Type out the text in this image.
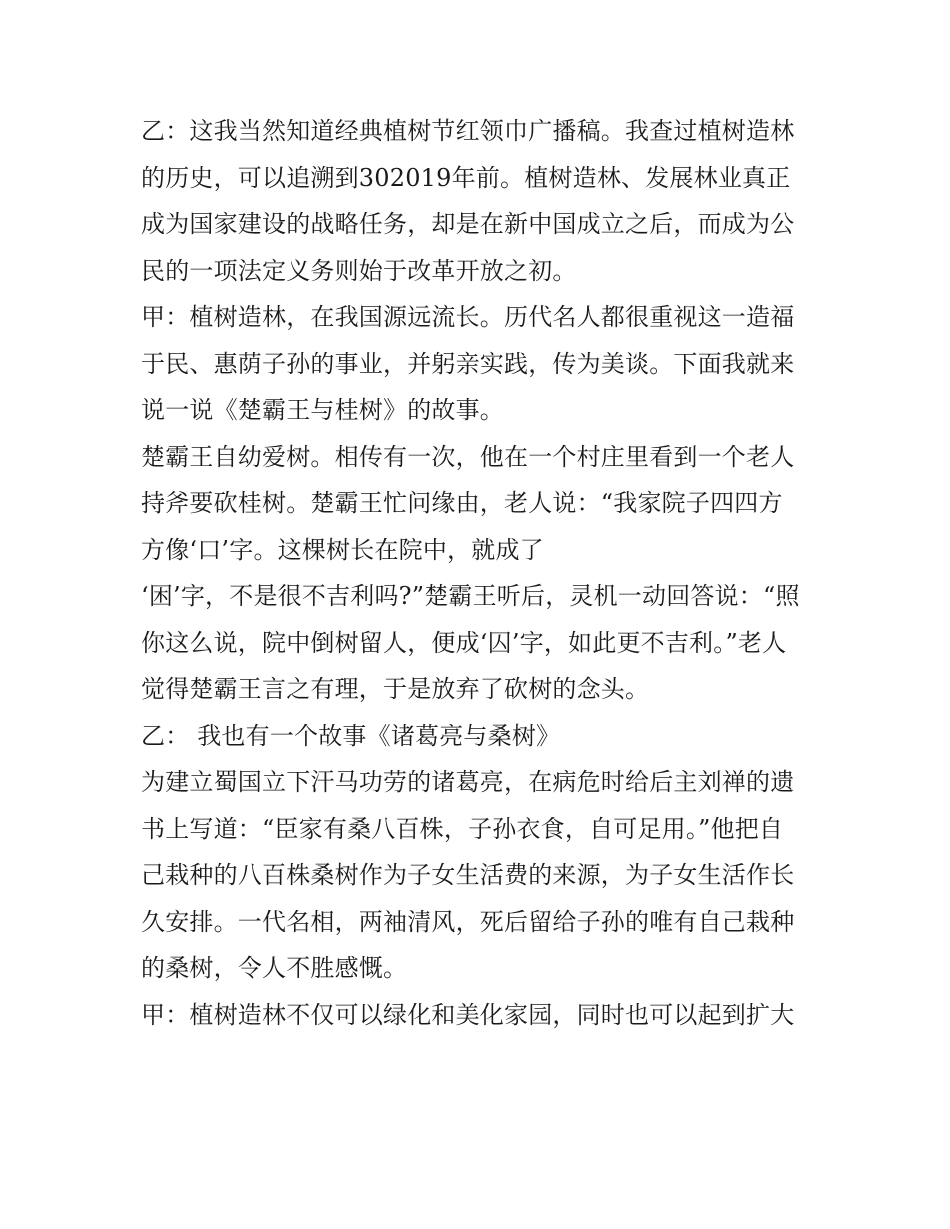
乙：这我当然知道经典植树节红领巾广播稿。我查过植树造林
的历史，可以追溯到302019年前。植树造林、发展林业真正
成为国家建设的战略任务，却是在新中国成立之后，而成为公
民的一项法定义务则始于改革开放之初。
甲：植树造林，在我国源远流长。历代名人都很重视这一造福
于民、惠荫子孙的事业，并躬亲实践，传为美谈。下面我就来
说一说《楚霸王与桂树》的故事。
楚霸王自幼爱树。相传有一次，他在一个村庄里看到一个老人
持斧要砍桂树。楚霸王忙问缘由，老人说：“我家院子四四方
方像‘口’字。这棵树长在院中，就成了
‘困’字，不是很不吉利吗?”楚霸王听后，灵机一动回答说：“照
你这么说，院中倒树留人，便成‘囚’字，如此更不吉利。”老人
觉得楚霸王言之有理，于是放弃了砍树的念头。
乙： 我也有一个故事《诸葛亮与桑树》
为建立蜀国立下汗马功劳的诸葛亮，在病危时给后主刘禅的遗
书上写道：“臣家有桑八百株，子孙衣食，自可足用。”他把自
己栽种的八百株桑树作为子女生活费的来源，为子女生活作长
久安排。一代名相，两袖清风，死后留给子孙的唯有自己栽种
的桑树，令人不胜感慨。
甲：植树造林不仅可以绿化和美化家园，同时也可以起到扩大
